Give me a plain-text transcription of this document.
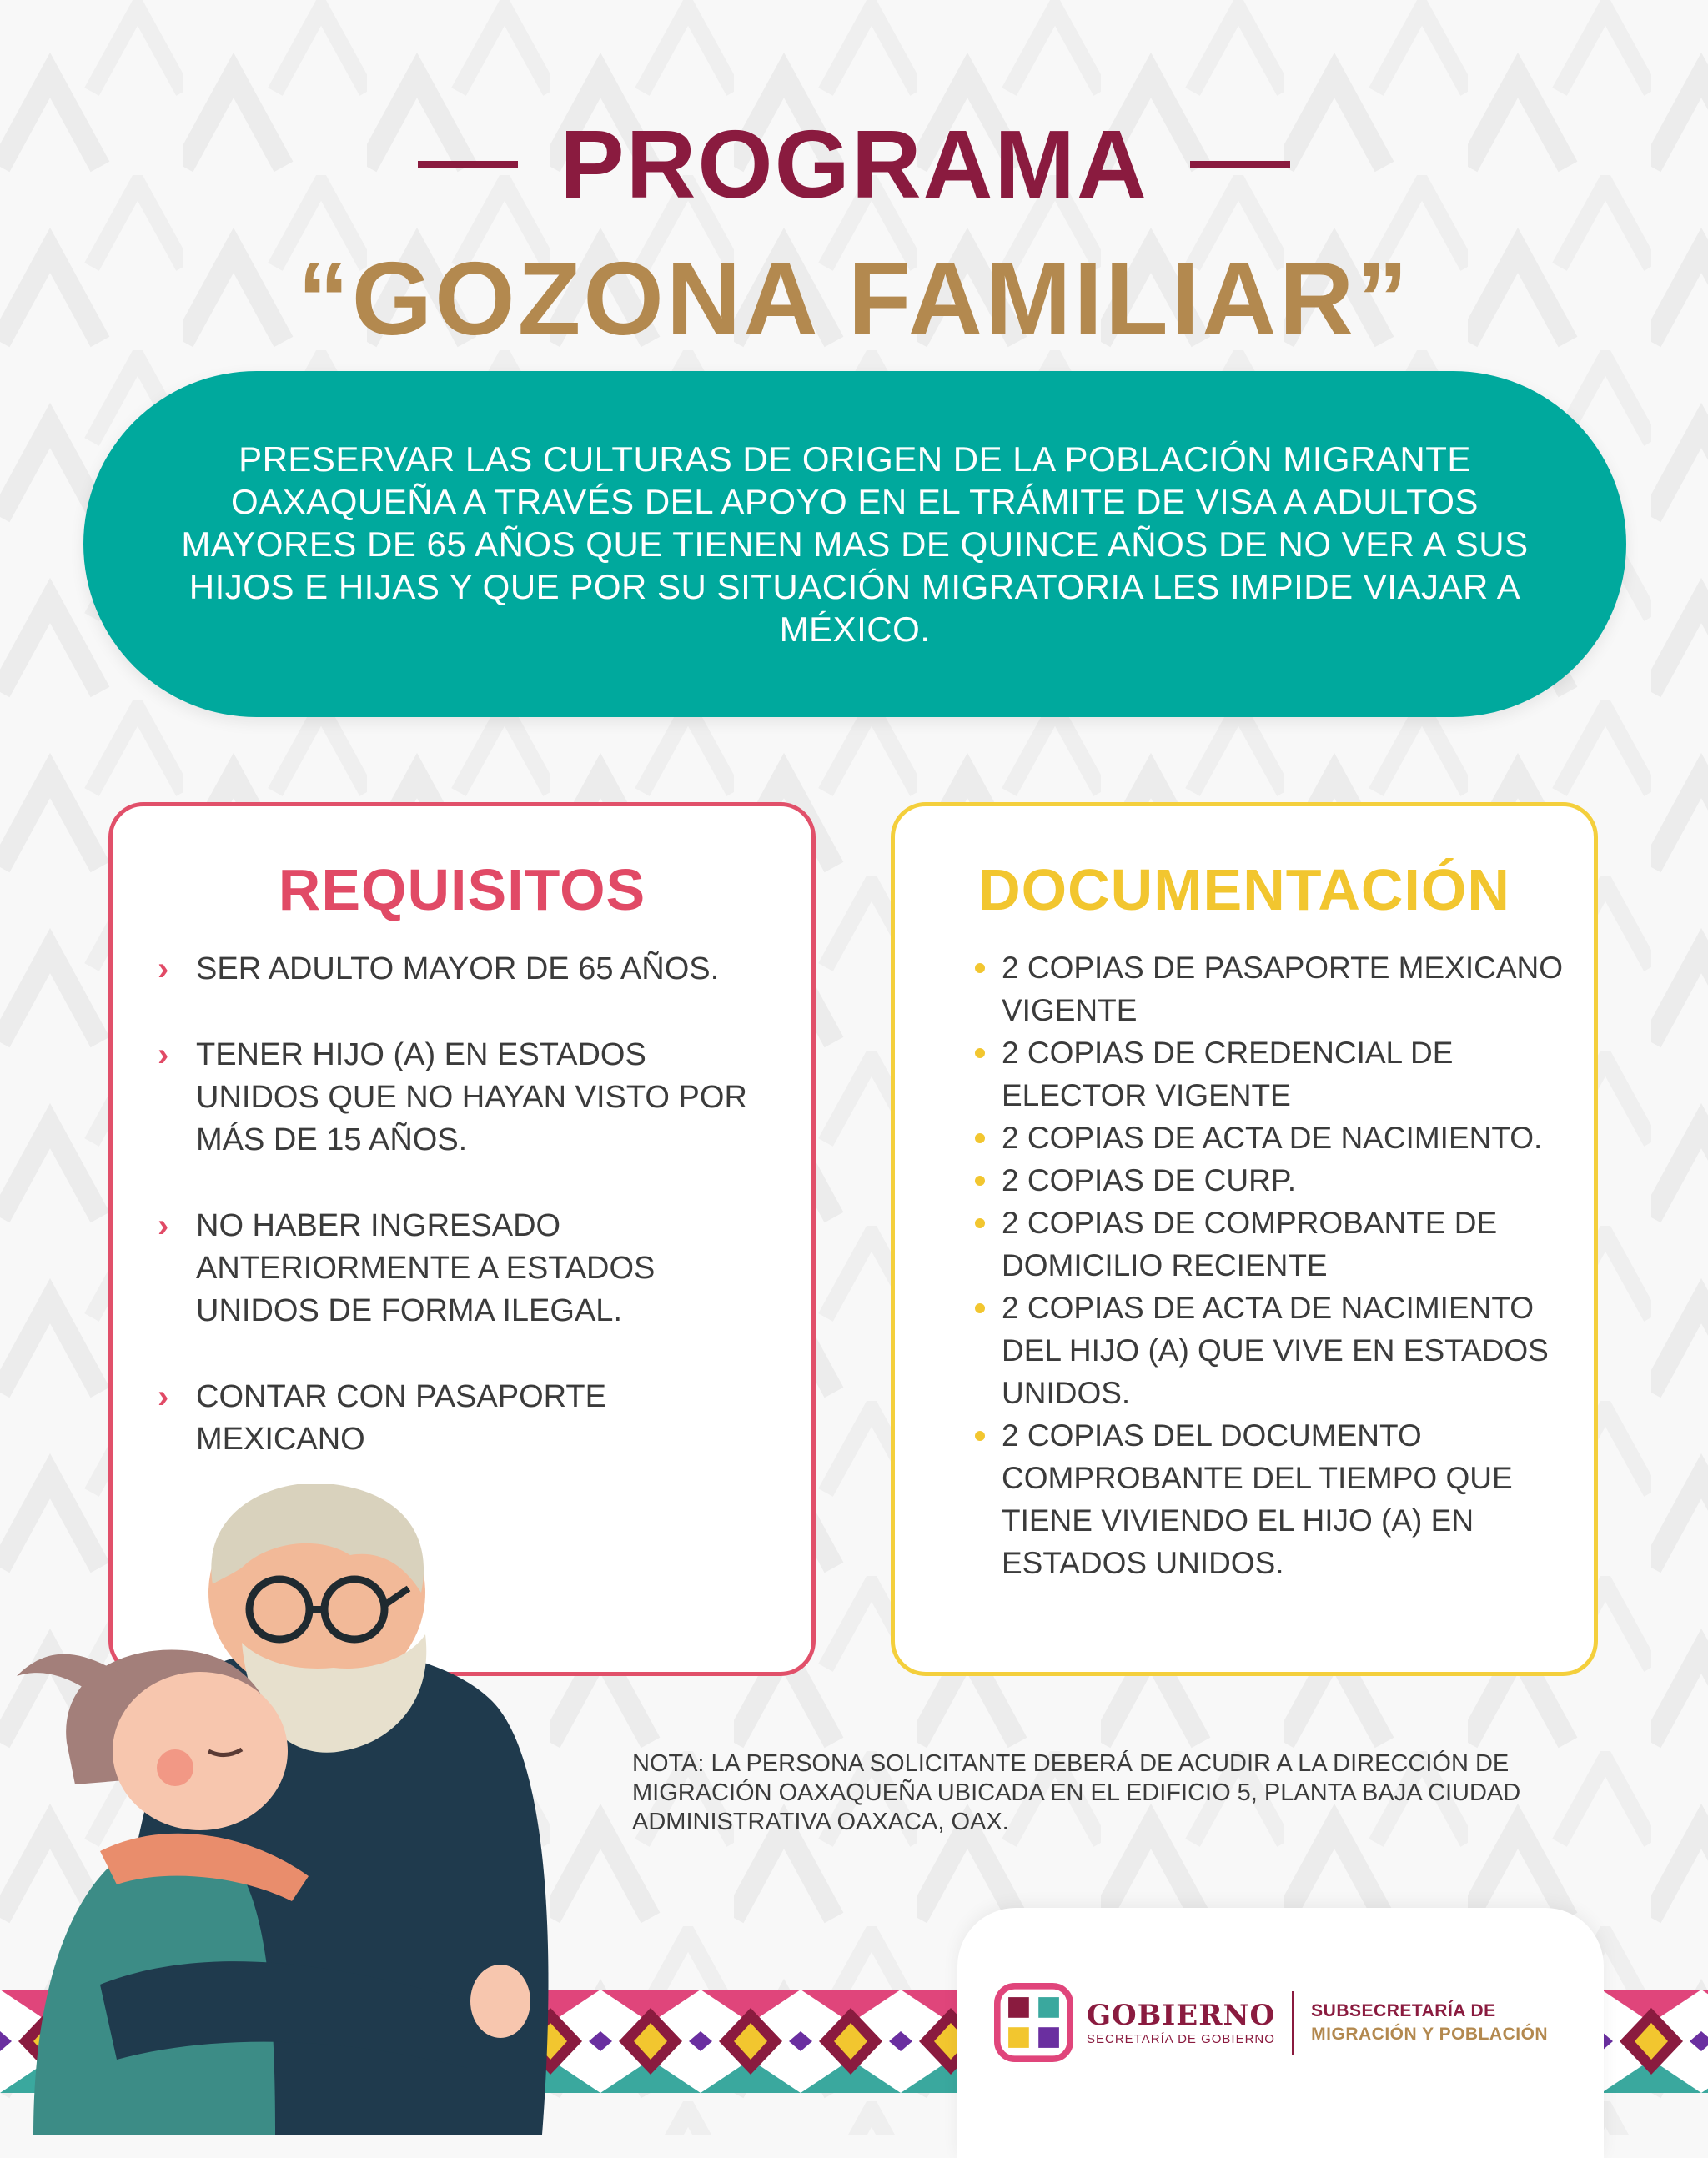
PROGRAMA
“GOZONA FAMILIAR”

PRESERVAR LAS CULTURAS DE ORIGEN DE LA POBLACIÓN MIGRANTE OAXAQUEÑA A TRAVÉS DEL APOYO EN EL TRÁMITE DE VISA A ADULTOS MAYORES DE 65 AÑOS QUE TIENEN MAS DE QUINCE AÑOS DE NO VER A SUS HIJOS E HIJAS Y QUE POR SU SITUACIÓN MIGRATORIA LES IMPIDE VIAJAR A MÉXICO.

REQUISITOS
› SER ADULTO MAYOR DE 65 AÑOS.
› TENER HIJO (A) EN ESTADOS UNIDOS QUE NO HAYAN VISTO POR MÁS DE 15 AÑOS.
› NO HABER INGRESADO ANTERIORMENTE A ESTADOS UNIDOS DE FORMA ILEGAL.
› CONTAR CON PASAPORTE MEXICANO
DOCUMENTACIÓN
2 COPIAS DE PASAPORTE MEXICANO VIGENTE
2 COPIAS DE CREDENCIAL DE ELECTOR VIGENTE
2 COPIAS DE ACTA DE NACIMIENTO.
2 COPIAS DE CURP.
2 COPIAS DE COMPROBANTE DE DOMICILIO RECIENTE
2 COPIAS DE ACTA DE NACIMIENTO DEL HIJO (A) QUE VIVE EN ESTADOS UNIDOS.
2 COPIAS DEL DOCUMENTO COMPROBANTE DEL TIEMPO QUE TIENE VIVIENDO EL HIJO (A) EN ESTADOS UNIDOS.
NOTA: LA PERSONA SOLICITANTE DEBERÁ DE ACUDIR A LA DIRECCIÓN DE MIGRACIÓN OAXAQUEÑA UBICADA EN EL EDIFICIO 5, PLANTA BAJA CIUDAD ADMINISTRATIVA OAXACA, OAX.
GOBIERNO
SECRETARÍA DE GOBIERNO
SUBSECRETARÍA DE
MIGRACIÓN Y POBLACIÓN
